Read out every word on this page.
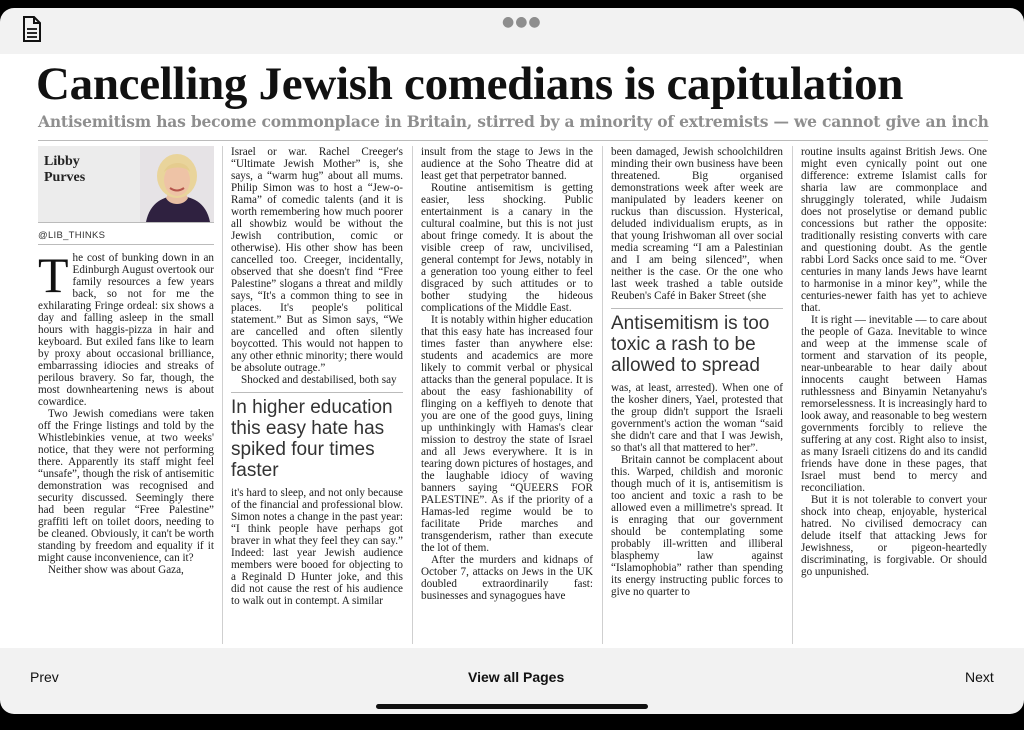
●●●
Cancelling Jewish comedians is capitulation

Antisemitism has become commonplace in Britain, stirred by a minority of extremists — we cannot give an inch

Libby
Purves
@LIB_THINKS

The cost of bunking down in an Edinburgh August overtook our family resources a few years back, so not for me the exhilarating Fringe ordeal: six shows a day and falling asleep in the small hours with haggis-pizza in hair and keyboard. But exiled fans like to learn by proxy about occasional brilliance, embarrassing idiocies and streaks of perilous bravery. So far, though, the most downheartening news is about cowardice.

Two Jewish comedians were taken off the Fringe listings and told by the Whistlebinkies venue, at two weeks' notice, that they were not performing there. Apparently its staff might feel “unsafe”, though the risk of antisemitic demonstration was recognised and security discussed. Seemingly there had been regular “Free Palestine” graffiti left on toilet doors, needing to be cleaned. Obviously, it can't be worth standing by freedom and equality if it might cause inconvenience, can it?

Neither show was about Gaza,

Israel or war. Rachel Creeger's “Ultimate Jewish Mother” is, she says, a “warm hug” about all mums. Philip Simon was to host a “Jew-o-Rama” of comedic talents (and it is worth remembering how much poorer all showbiz would be without the Jewish contribution, comic or otherwise). His other show has been cancelled too. Creeger, incidentally, observed that she doesn't find “Free Palestine” slogans a threat and mildly says, “It's a common thing to see in places. It's people's political statement.” But as Simon says, “We are cancelled and often silently boycotted. This would not happen to any other ethnic minority; there would be absolute outrage.”

Shocked and destabilised, both say

In higher education this easy hate has spiked four times faster

it's hard to sleep, and not only because of the financial and professional blow. Simon notes a change in the past year: “I think people have perhaps got braver in what they feel they can say.” Indeed: last year Jewish audience members were booed for objecting to a Reginald D Hunter joke, and this did not cause the rest of his audience to walk out in contempt. A similar

insult from the stage to Jews in the audience at the Soho Theatre did at least get that perpetrator banned.

Routine antisemitism is getting easier, less shocking. Public entertainment is a canary in the cultural coalmine, but this is not just about fringe comedy. It is about the visible creep of raw, uncivilised, general contempt for Jews, notably in a generation too young either to feel disgraced by such attitudes or to bother studying the hideous complications of the Middle East.

It is notably within higher education that this easy hate has increased four times faster than anywhere else: students and academics are more likely to commit verbal or physical attacks than the general populace. It is about the easy fashionability of flinging on a keffiyeh to denote that you are one of the good guys, lining up unthinkingly with Hamas's clear mission to destroy the state of Israel and all Jews everywhere. It is in tearing down pictures of hostages, and the laughable idiocy of waving banners saying “QUEERS FOR PALESTINE”. As if the priority of a Hamas-led regime would be to facilitate Pride marches and transgenderism, rather than execute the lot of them.

After the murders and kidnaps of October 7, attacks on Jews in the UK doubled extraordinarily fast: businesses and synagogues have

been damaged, Jewish schoolchildren minding their own business have been threatened. Big organised demonstrations week after week are manipulated by leaders keener on ruckus than discussion. Hysterical, deluded individualism erupts, as in that young Irishwoman all over social media screaming “I am a Palestinian and I am being silenced”, when neither is the case. Or the one who last week trashed a table outside Reuben's Café in Baker Street (she

Antisemitism is too toxic a rash to be allowed to spread

was, at least, arrested). When one of the kosher diners, Yael, protested that the group didn't support the Israeli government's action the woman “said she didn't care and that I was Jewish, so that's all that mattered to her”.

Britain cannot be complacent about this. Warped, childish and moronic though much of it is, antisemitism is too ancient and toxic a rash to be allowed even a millimetre's spread. It is enraging that our government should be contemplating some probably ill-written and illiberal blasphemy law against “Islamophobia” rather than spending its energy instructing public forces to give no quarter to

routine insults against British Jews. One might even cynically point out one difference: extreme Islamist calls for sharia law are commonplace and shruggingly tolerated, while Judaism does not proselytise or demand public concessions but rather the opposite: traditionally resisting converts with care and questioning doubt. As the gentle rabbi Lord Sacks once said to me. “Over centuries in many lands Jews have learnt to harmonise in a minor key”, while the centuries-newer faith has yet to achieve that.

It is right — inevitable — to care about the people of Gaza. Inevitable to wince and weep at the immense scale of torment and starvation of its people, near-unbearable to hear daily about innocents caught between Hamas ruthlessness and Binyamin Netanyahu's remorselessness. It is increasingly hard to look away, and reasonable to beg western governments forcibly to relieve the suffering at any cost. Right also to insist, as many Israeli citizens do and its candid friends have done in these pages, that Israel must bend to mercy and reconciliation.

But it is not tolerable to convert your shock into cheap, enjoyable, hysterical hatred. No civilised democracy can delude itself that attacking Jews for Jewishness, or pigeon-heartedly discriminating, is forgivable. Or should go unpunished.

Prev	View all Pages	Next
